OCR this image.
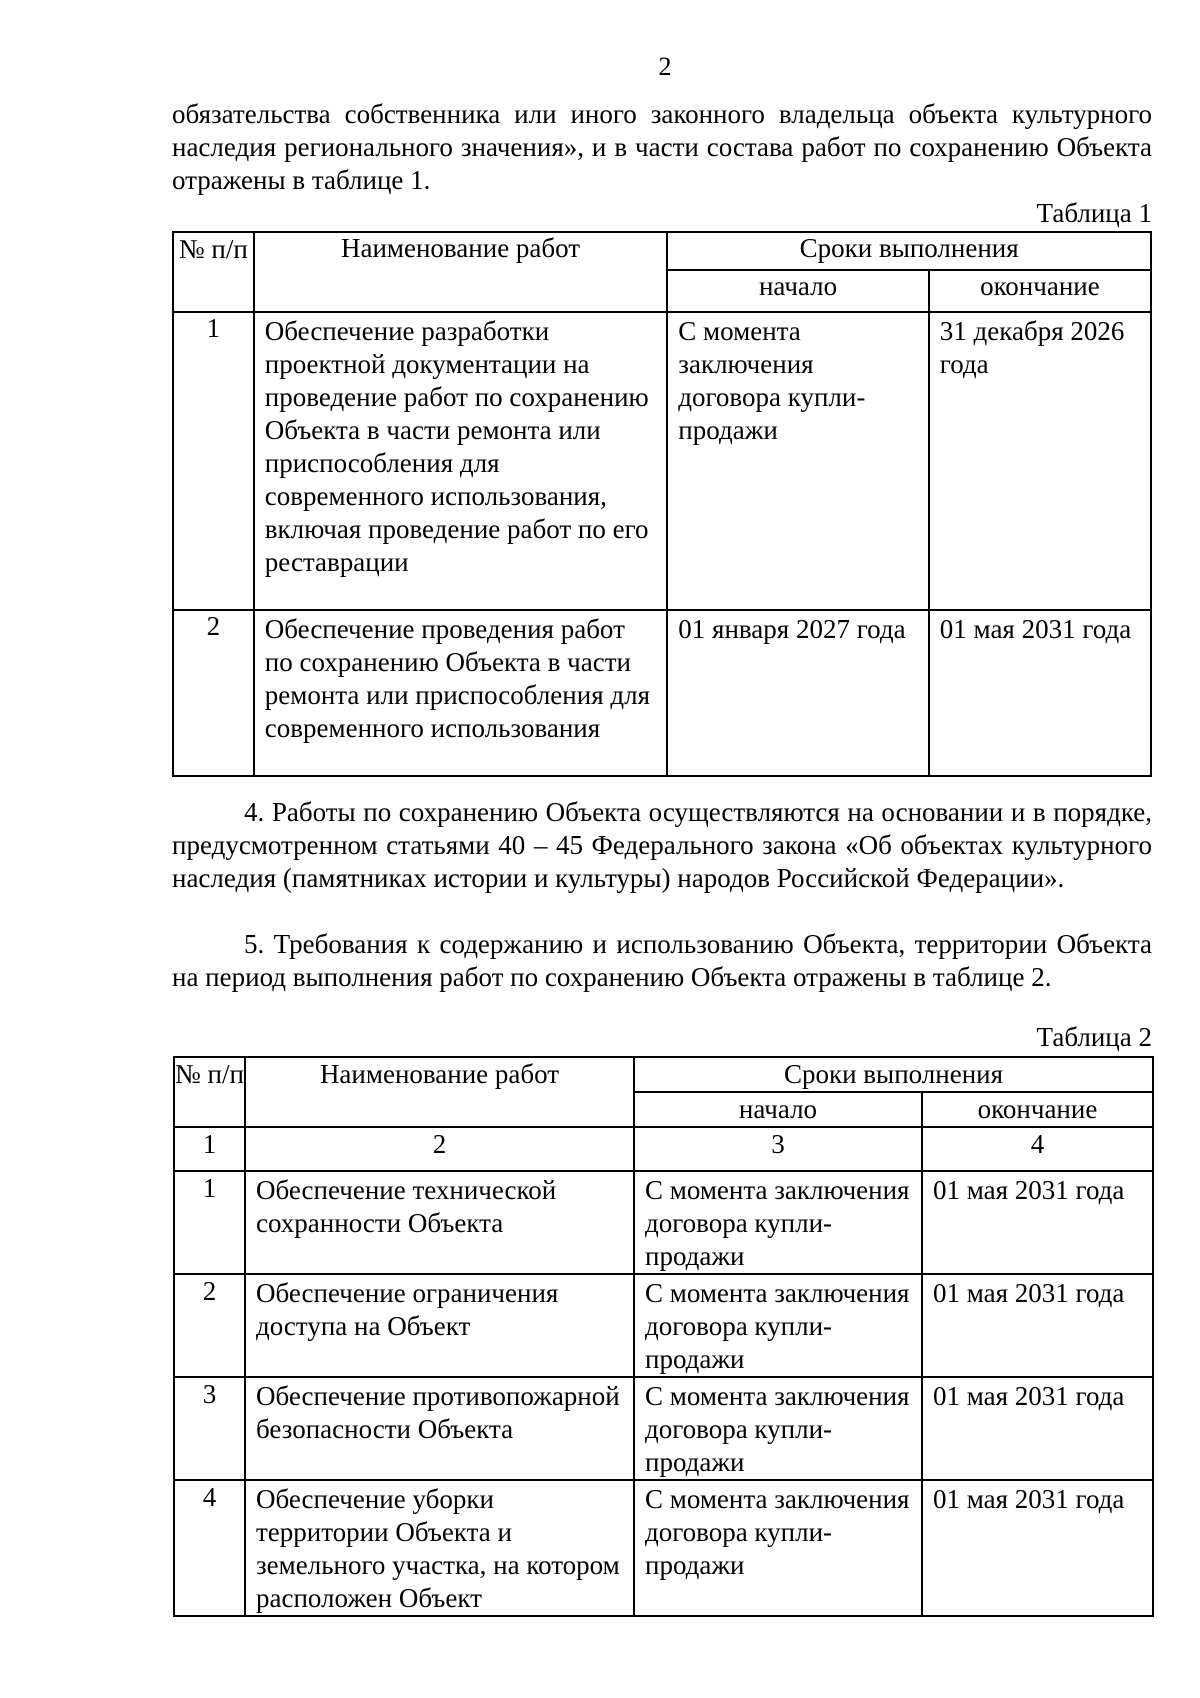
2
обязательства собственника или иного законного владельца объекта культурного наследия регионального значения», и в части состава работ по сохранению Объекта отражены в таблице 1.
Таблица 1
№ п/п	Наименование работ	Сроки выполнения	
		начало	окончание
1	Обеспечение разработки проектной документации на проведение работ по сохранению Объекта в части ремонта или приспособления для современного использования, включая проведение работ по его реставрации	С момента заключения договора купли-продажи	31 декабря 2026 года
2	Обеспечение проведения работ по сохранению Объекта в части ремонта или приспособления для современного использования	01 января 2027 года	01 мая 2031 года
4. Работы по сохранению Объекта осуществляются на основании и в порядке, предусмотренном статьями 40 – 45 Федерального закона «Об объектах культурного наследия (памятниках истории и культуры) народов Российской Федерации».
5. Требования к содержанию и использованию Объекта, территории Объекта на период выполнения работ по сохранению Объекта отражены в таблице 2.
Таблица 2
№ п/п	Наименование работ	Сроки выполнения	
		начало	окончание
1	2	3	4
1	Обеспечение технической сохранности Объекта	С момента заключения договора купли-продажи	01 мая 2031 года
2	Обеспечение ограничения доступа на Объект	С момента заключения договора купли-продажи	01 мая 2031 года
3	Обеспечение противопожарной безопасности Объекта	С момента заключения договора купли-продажи	01 мая 2031 года
4	Обеспечение уборки территории Объекта и земельного участка, на котором расположен Объект	С момента заключения договора купли-продажи	01 мая 2031 года
